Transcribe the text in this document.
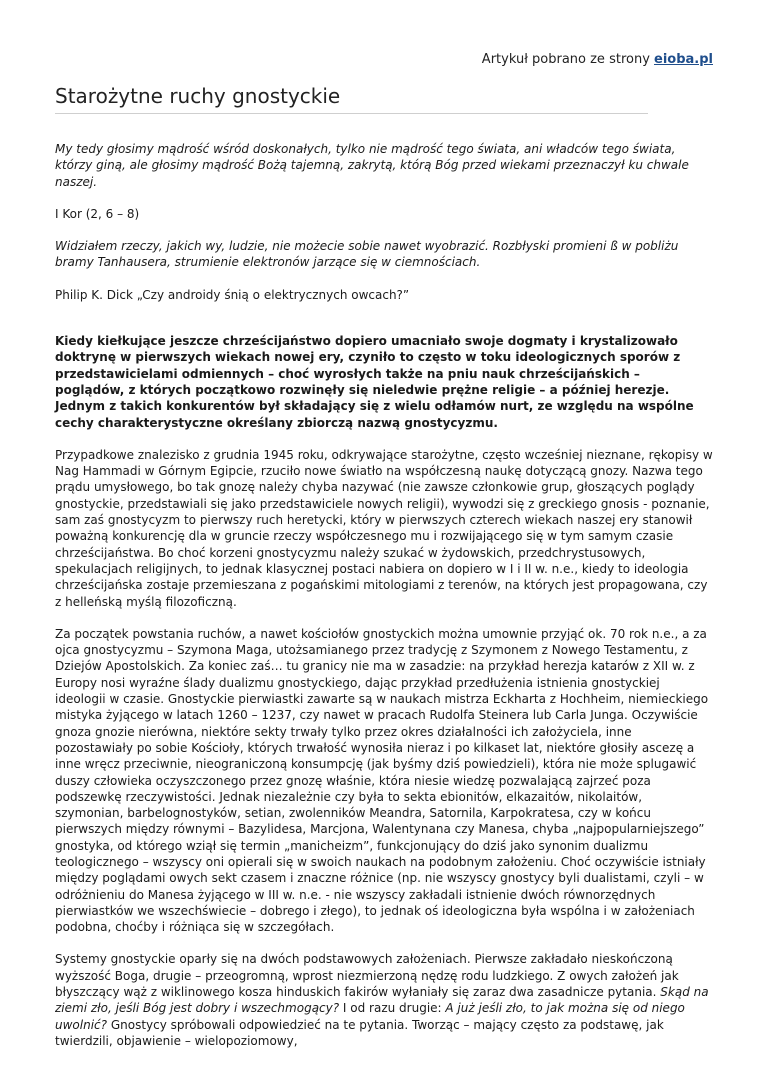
Artykuł pobrano ze strony eioba.pl
Starożytne ruchy gnostyckie

My tedy głosimy mądrość wśród doskonałych, tylko nie mądrość tego świata, ani władców tego świata, którzy giną, ale głosimy mądrość Bożą tajemną, zakrytą, którą Bóg przed wiekami przeznaczył ku chwale naszej.

I Kor (2, 6 – 8)

Widziałem rzeczy, jakich wy, ludzie, nie możecie sobie nawet wyobrazić. Rozbłyski promieni ß w pobliżu bramy Tanhausera, strumienie elektronów jarzące się w ciemnościach.

Philip K. Dick „Czy androidy śnią o elektrycznych owcach?”

Kiedy kiełkujące jeszcze chrześcijaństwo dopiero umacniało swoje dogmaty i krystalizowało doktrynę w pierwszych wiekach nowej ery, czyniło to często w toku ideologicznych sporów z przedstawicielami odmiennych – choć wyrosłych także na pniu nauk chrześcijańskich – poglądów, z których początkowo rozwinęły się nieledwie prężne religie – a później herezje. Jednym z takich konkurentów był składający się z wielu odłamów nurt, ze względu na wspólne cechy charakterystyczne określany zbiorczą nazwą gnostycyzmu.

Przypadkowe znalezisko z grudnia 1945 roku, odkrywające starożytne, często wcześniej nieznane, rękopisy w Nag Hammadi w Górnym Egipcie, rzuciło nowe światło na współczesną naukę dotyczącą gnozy. Nazwa tego prądu umysłowego, bo tak gnozę należy chyba nazywać (nie zawsze członkowie grup, głoszących poglądy gnostyckie, przedstawiali się jako przedstawiciele nowych religii), wywodzi się z greckiego gnosis - poznanie, sam zaś gnostycyzm to pierwszy ruch heretycki, który w pierwszych czterech wiekach naszej ery stanowił poważną konkurencję dla w gruncie rzeczy współczesnego mu i rozwijającego się w tym samym czasie chrześcijaństwa. Bo choć korzeni gnostycyzmu należy szukać w żydowskich, przedchrystusowych, spekulacjach religijnych, to jednak klasycznej postaci nabiera on dopiero w I i II w. n.e., kiedy to ideologia chrześcijańska zostaje przemieszana z pogańskimi mitologiami z terenów, na których jest propagowana, czy z helleńską myślą filozoficzną.

Za początek powstania ruchów, a nawet kościołów gnostyckich można umownie przyjąć ok. 70 rok n.e., a za ojca gnostycyzmu – Szymona Maga, utożsamianego przez tradycję z Szymonem z Nowego Testamentu, z Dziejów Apostolskich. Za koniec zaś… tu granicy nie ma w zasadzie: na przykład herezja katarów z XII w. z Europy nosi wyraźne ślady dualizmu gnostyckiego, dając przykład przedłużenia istnienia gnostyckiej ideologii w czasie. Gnostyckie pierwiastki zawarte są w naukach mistrza Eckharta z Hochheim, niemieckiego mistyka żyjącego w latach 1260 – 1237, czy nawet w pracach Rudolfa Steinera lub Carla Junga. Oczywiście gnoza gnozie nierówna, niektóre sekty trwały tylko przez okres działalności ich założyciela, inne pozostawiały po sobie Kościoły, których trwałość wynosiła nieraz i po kilkaset lat, niektóre głosiły ascezę a inne wręcz przeciwnie, nieograniczoną konsumpcję (jak byśmy dziś powiedzieli), która nie może splugawić duszy człowieka oczyszczonego przez gnozę właśnie, która niesie wiedzę pozwalającą zajrzeć poza podszewkę rzeczywistości. Jednak niezależnie czy była to sekta ebionitów, elkazaitów, nikolaitów, szymonian, barbelognostyków, setian, zwolenników Meandra, Satornila, Karpokratesa, czy w końcu pierwszych między równymi – Bazylidesa, Marcjona, Walentynana czy Manesa, chyba „najpopularniejszego” gnostyka, od którego wziął się termin „manicheizm”, funkcjonujący do dziś jako synonim dualizmu teologicznego – wszyscy oni opierali się w swoich naukach na podobnym założeniu. Choć oczywiście istniały między poglądami owych sekt czasem i znaczne różnice (np. nie wszyscy gnostycy byli dualistami, czyli – w odróżnieniu do Manesa żyjącego w III w. n.e. - nie wszyscy zakładali istnienie dwóch równorzędnych pierwiastków we wszechświecie – dobrego i złego), to jednak oś ideologiczna była wspólna i w założeniach podobna, choćby i różniąca się w szczegółach.

Systemy gnostyckie oparły się na dwóch podstawowych założeniach. Pierwsze zakładało nieskończoną wyższość Boga, drugie – przeogromną, wprost niezmierzoną nędzę rodu ludzkiego. Z owych założeń jak błyszczący wąż z wiklinowego kosza hinduskich fakirów wyłaniały się zaraz dwa zasadnicze pytania. Skąd na ziemi zło, jeśli Bóg jest dobry i wszechmogący? I od razu drugie: A już jeśli zło, to jak można się od niego uwolnić? Gnostycy spróbowali odpowiedzieć na te pytania. Tworząc – mający często za podstawę, jak twierdzili, objawienie – wielopoziomowy,
